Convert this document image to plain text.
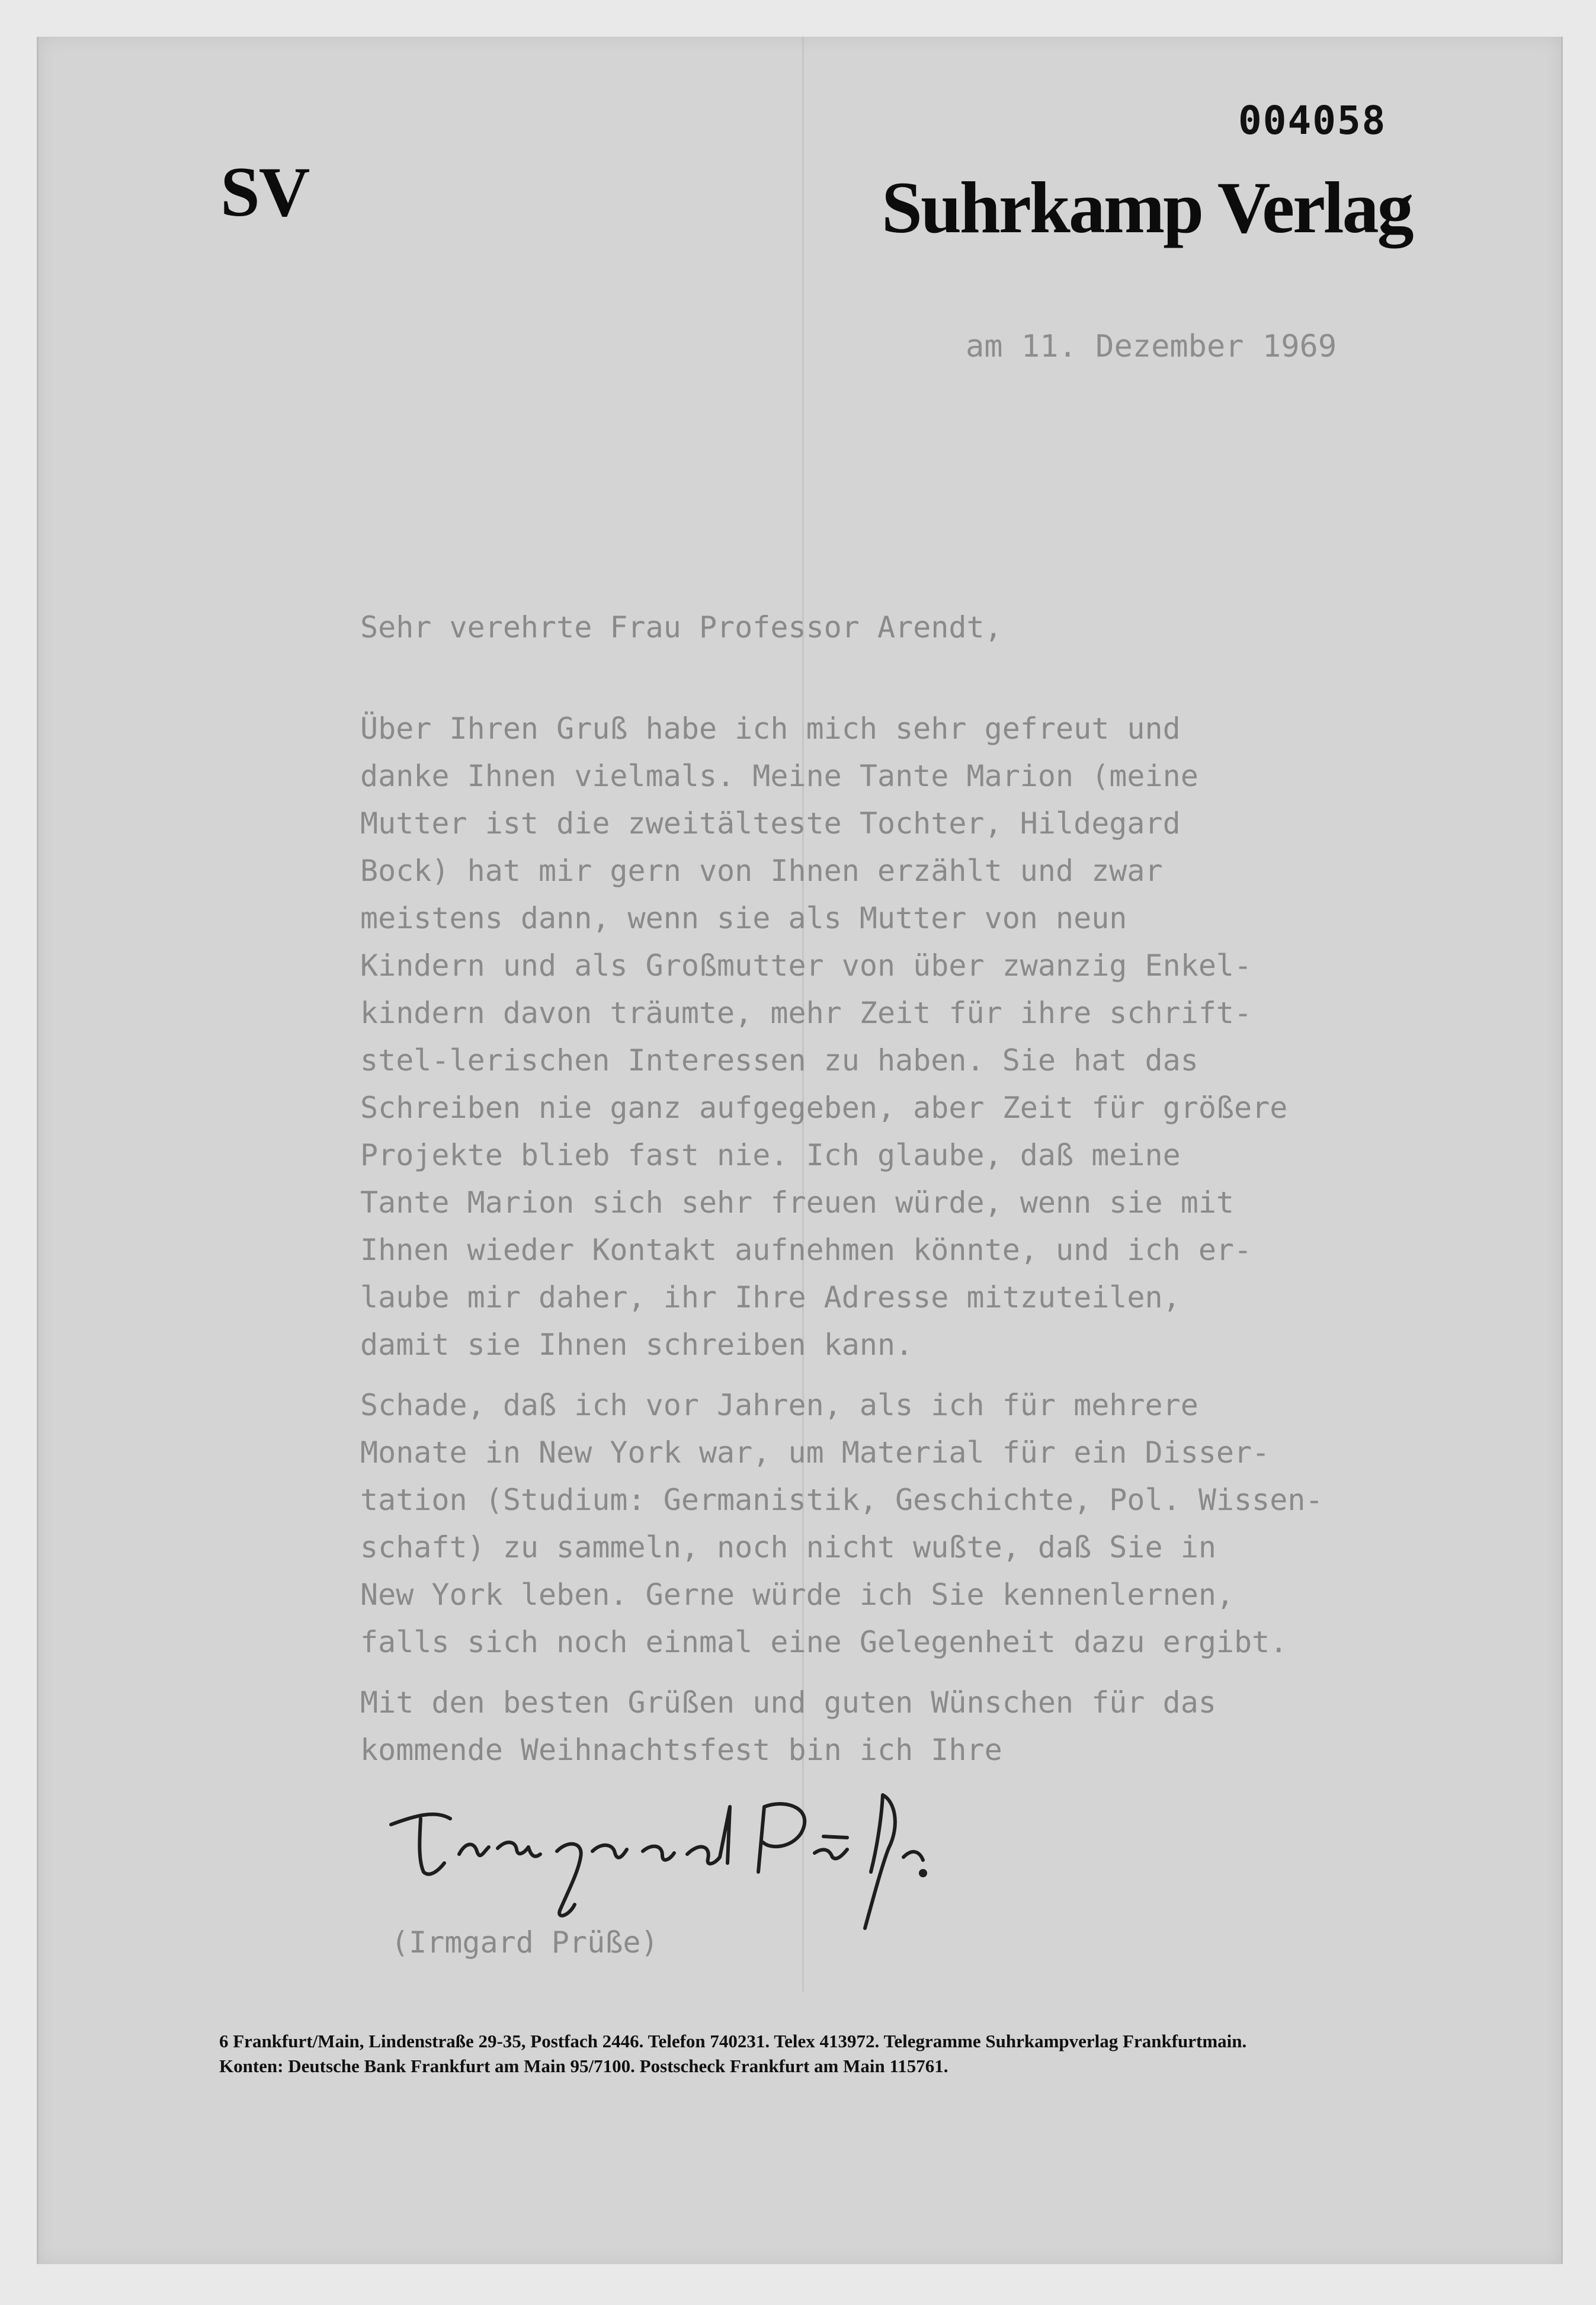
004058
SV	Suhrkamp Verlag
am 11. Dezember 1969
Sehr verehrte Frau Professor Arendt,

Über Ihren Gruß habe ich mich sehr gefreut und
danke Ihnen vielmals. Meine Tante Marion (meine
Mutter ist die zweitälteste Tochter, Hildegard
Bock) hat mir gern von Ihnen erzählt und zwar
meistens dann, wenn sie als Mutter von neun
Kindern und als Großmutter von über zwanzig Enkel-
kindern davon träumte, mehr Zeit für ihre schrift-
stel-lerischen Interessen zu haben. Sie hat das
Schreiben nie ganz aufgegeben, aber Zeit für größere
Projekte blieb fast nie. Ich glaube, daß meine
Tante Marion sich sehr freuen würde, wenn sie mit
Ihnen wieder Kontakt aufnehmen könnte, und ich er-
laube mir daher, ihr Ihre Adresse mitzuteilen,
damit sie Ihnen schreiben kann.

Schade, daß ich vor Jahren, als ich für mehrere
Monate in New York war, um Material für ein Disser-
tation (Studium: Germanistik, Geschichte, Pol. Wissen-
schaft) zu sammeln, noch nicht wußte, daß Sie in
New York leben. Gerne würde ich Sie kennenlernen,
falls sich noch einmal eine Gelegenheit dazu ergibt.

Mit den besten Grüßen und guten Wünschen für das
kommende Weihnachtsfest bin ich Ihre

(Irmgard Prüße)
6 Frankfurt/Main, Lindenstraße 29-35, Postfach 2446. Telefon 740231. Telex 413972. Telegramme Suhrkampverlag Frankfurtmain.
Konten: Deutsche Bank Frankfurt am Main 95/7100. Postscheck Frankfurt am Main 115761.
